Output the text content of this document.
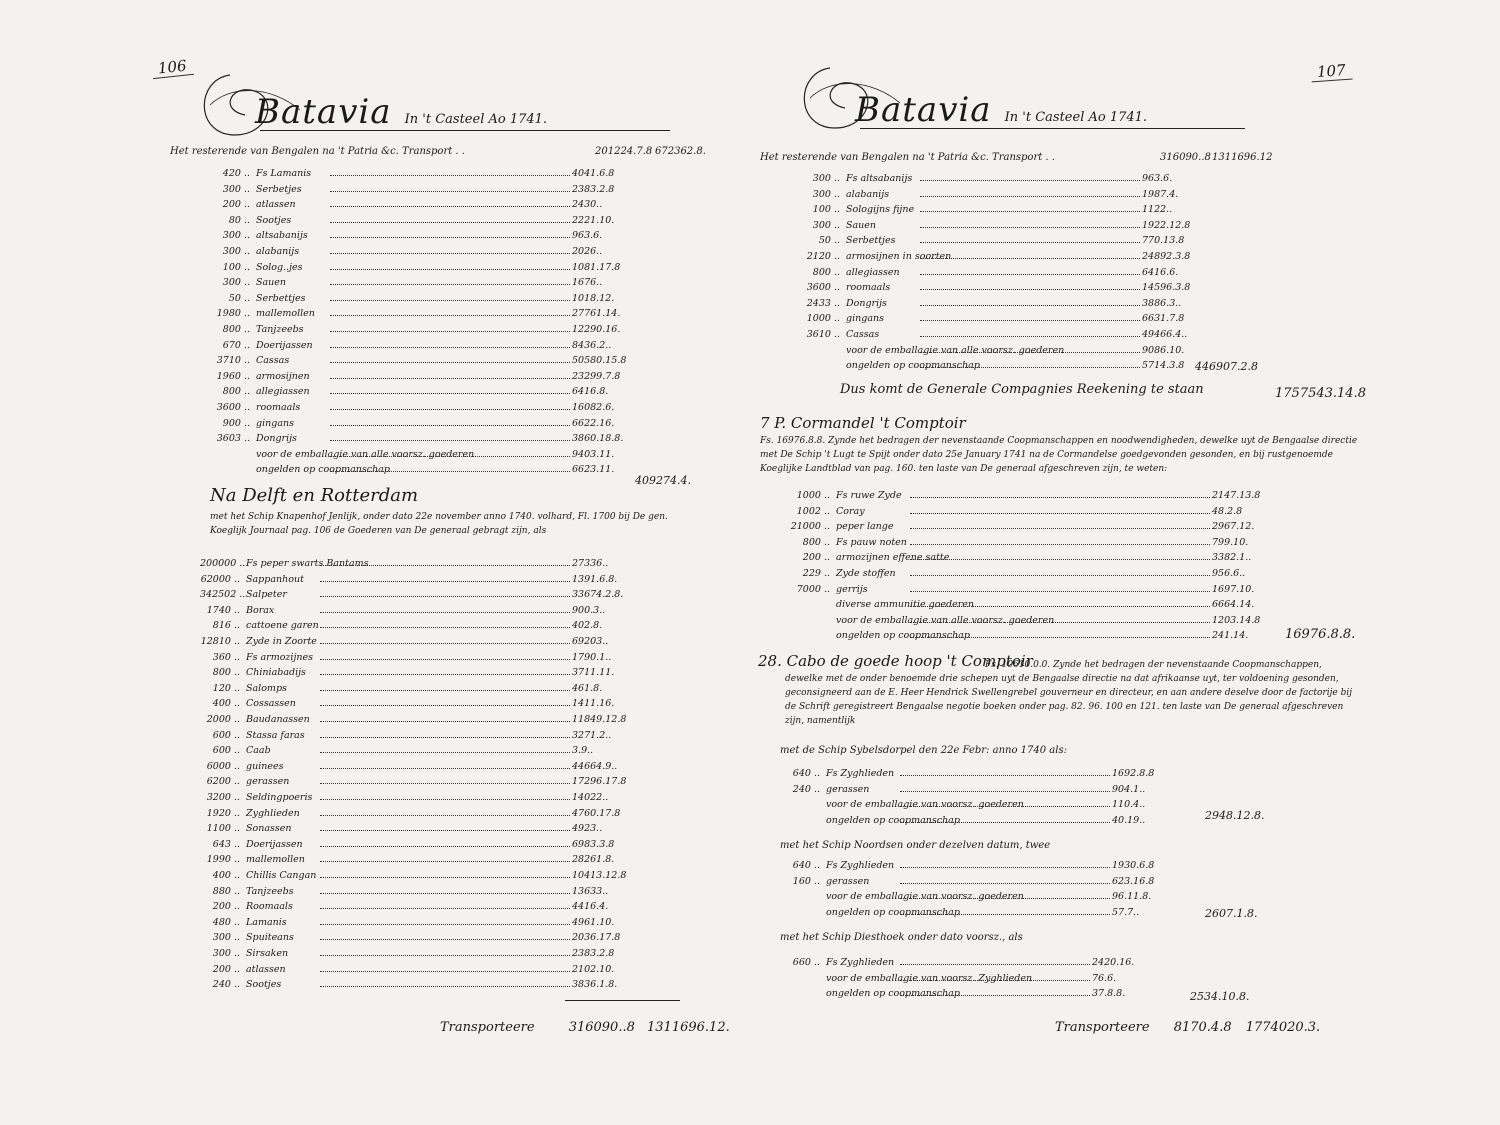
106
Batavia In 't Casteel Ao 1741.
Het resterende van Bengalen na 't Patria &c. Transport . .	201224.7.8 672362.8.
420 .. Fs Lamanis	4041.6.8
300 .. Serbetjes	2383.2.8
200 .. atlassen	2430..
80 .. Sootjes	2221.10.
300 .. altsabanijs	963.6.
300 .. alabanijs	2026..
100 .. Solog..jes	1081.17.8
300 .. Sauen	1676..
50 .. Serbettjes	1018.12.
1980 .. mallemollen	27761.14.
800 .. Tanjzeebs	12290.16.
670 .. Doerijassen	8436.2..
3710 .. Cassas	50580.15.8
1960 .. armosijnen	23299.7.8
800 .. allegiassen	6416.8.
3600 .. roomaals	16082.6.
900 .. gingans	6622.16.
3603 .. Dongrijs	3860.18.8.
voor de emballagie van alle voorsz. goederen	9403.11.
ongelden op coopmanschap	6623.11.
409274.4.
Na Delft en Rotterdam
met het Schip Knapenhof Jenlijk, onder dato 22e november anno 1740. volhard, Fl. 1700 bij De gen. Koeglijk Journaal pag. 106 de Goederen van De generaal gebragt zijn, als
200000 .. Fs peper swarts Bantams	27336..
62000 .. Sappanhout	1391.6.8.
342502 .. Salpeter	33674.2.8.
1740 .. Borax	900.3..
816 .. cattoene garen	402.8.
12810 .. Zyde in Zoorte	69203..
360 .. Fs armozijnes	1790.1..
800 .. Chiniabadijs	3711.11.
120 .. Salomps	461.8.
400 .. Cossassen	1411.16.
2000 .. Baudanassen	11849.12.8
600 .. Stassa faras	3271.2..
600 .. Caab	3.9..
6000 .. guinees	44664.9..
6200 .. gerassen	17296.17.8
3200 .. Seldingpoeris	14022..
1920 .. Zyghlieden	4760.17.8
1100 .. Sonassen	4923..
643 .. Doerijassen	6983.3.8
1990 .. mallemollen	28261.8.
400 .. Chillis Cangan	10413.12.8
880 .. Tanjzeebs	13633..
200 .. Roomaals	4416.4.
480 .. Lamanis	4961.10.
300 .. Spuiteans	2036.17.8
300 .. Sirsaken	2383.2.8
200 .. atlassen	2102.10.
240 .. Sootjes	3836.1.8.
Transporteere	316090..8 1311696.12.
107
Batavia In 't Casteel Ao 1741.
Het resterende van Bengalen na 't Patria &c. Transport . .	316090..8 1311696.12
300 .. Fs altsabanijs	963.6.
300 .. alabanijs	1987.4.
100 .. Sologijns fijne	1122..
300 .. Sauen	1922.12.8
50 .. Serbettjes	770.13.8
2120 .. armosijnen in soorten	24892.3.8
800 .. allegiassen	6416.6.
3600 .. roomaals	14596.3.8
2433 .. Dongrijs	3886.3..
1000 .. gingans	6631.7.8
3610 .. Cassas	49466.4..
voor de emballagie van alle voorsz. goederen	9086.10.
ongelden op coopmanschap	5714.3.8 446907.2.8
Dus komt de Generale Compagnies Reekening te staan	1757543.14.8
7 P. Cormandel 't Comptoir
Fs. 16976.8.8. Zynde het bedragen der nevenstaande Coopmanschappen en noodwendigheden, dewelke uyt de Bengaalse directie met De Schip 't Lugt te Spijt onder dato 25e January 1741 na de Cormandelse goedgevonden gesonden, en bij rustgenoemde Koeglijke Landtblad van pag. 160. ten laste van De generaal afgeschreven zijn, te weten:
1000 .. Fs ruwe Zyde	2147.13.8
1002 .. Coray	48.2.8
21000 .. peper lange	2967.12.
800 .. Fs pauw noten	799.10.
200 .. armozijnen effene satte	3382.1..
229 .. Zyde stoffen	956.6..
7000 .. gerrijs	1697.10.
diverse ammunitie goederen	6664.14.
voor de emballagie van alle voorsz. goederen	1203.14.8
ongelden op coopmanschap	241.14.	16976.8.8.
28. Cabo de goede hoop 't Comptoir
Fs. 10610.0.0. Zynde het bedragen der nevenstaande Coopmanschappen, dewelke met de onder benoemde drie schepen uyt de Bengaalse directie na dat afrikaanse uyt, ter voldoening gesonden, geconsigneerd aan de E. Heer Hendrick Swellengrebel gouverneur en directeur, en aan andere deselve door de factorije bij de Schrift geregistreert Bengaalse negotie boeken onder pag. 82. 96. 100 en 121. ten laste van De generaal afgeschreven zijn, namentlijk
met de Schip Sybelsdorpel den 22e Febr: anno 1740 als:
640 .. Fs Zyghlieden	1692.8.8
240 .. gerassen	904.1..
voor de emballagie van voorsz. goederen	110.4..
ongelden op coopmanschap	40.19..	2948.12.8.
met het Schip Noordsen onder dezelven datum, twee
640 .. Fs Zyghlieden	1930.6.8
160 .. gerassen	623.16.8
voor de emballagie van voorsz. goederen	96.11.8.
ongelden op coopmanschap	57.7..	2607.1.8.
met het Schip Diesthoek onder dato voorsz., als
660 .. Fs Zyghlieden	2420.16.
voor de emballagie van voorsz. Zyghlieden	76.6.
ongelden op coopmanschap	37.8.8.	2534.10.8.
Transporteere 8170.4.8 1774020.3.
